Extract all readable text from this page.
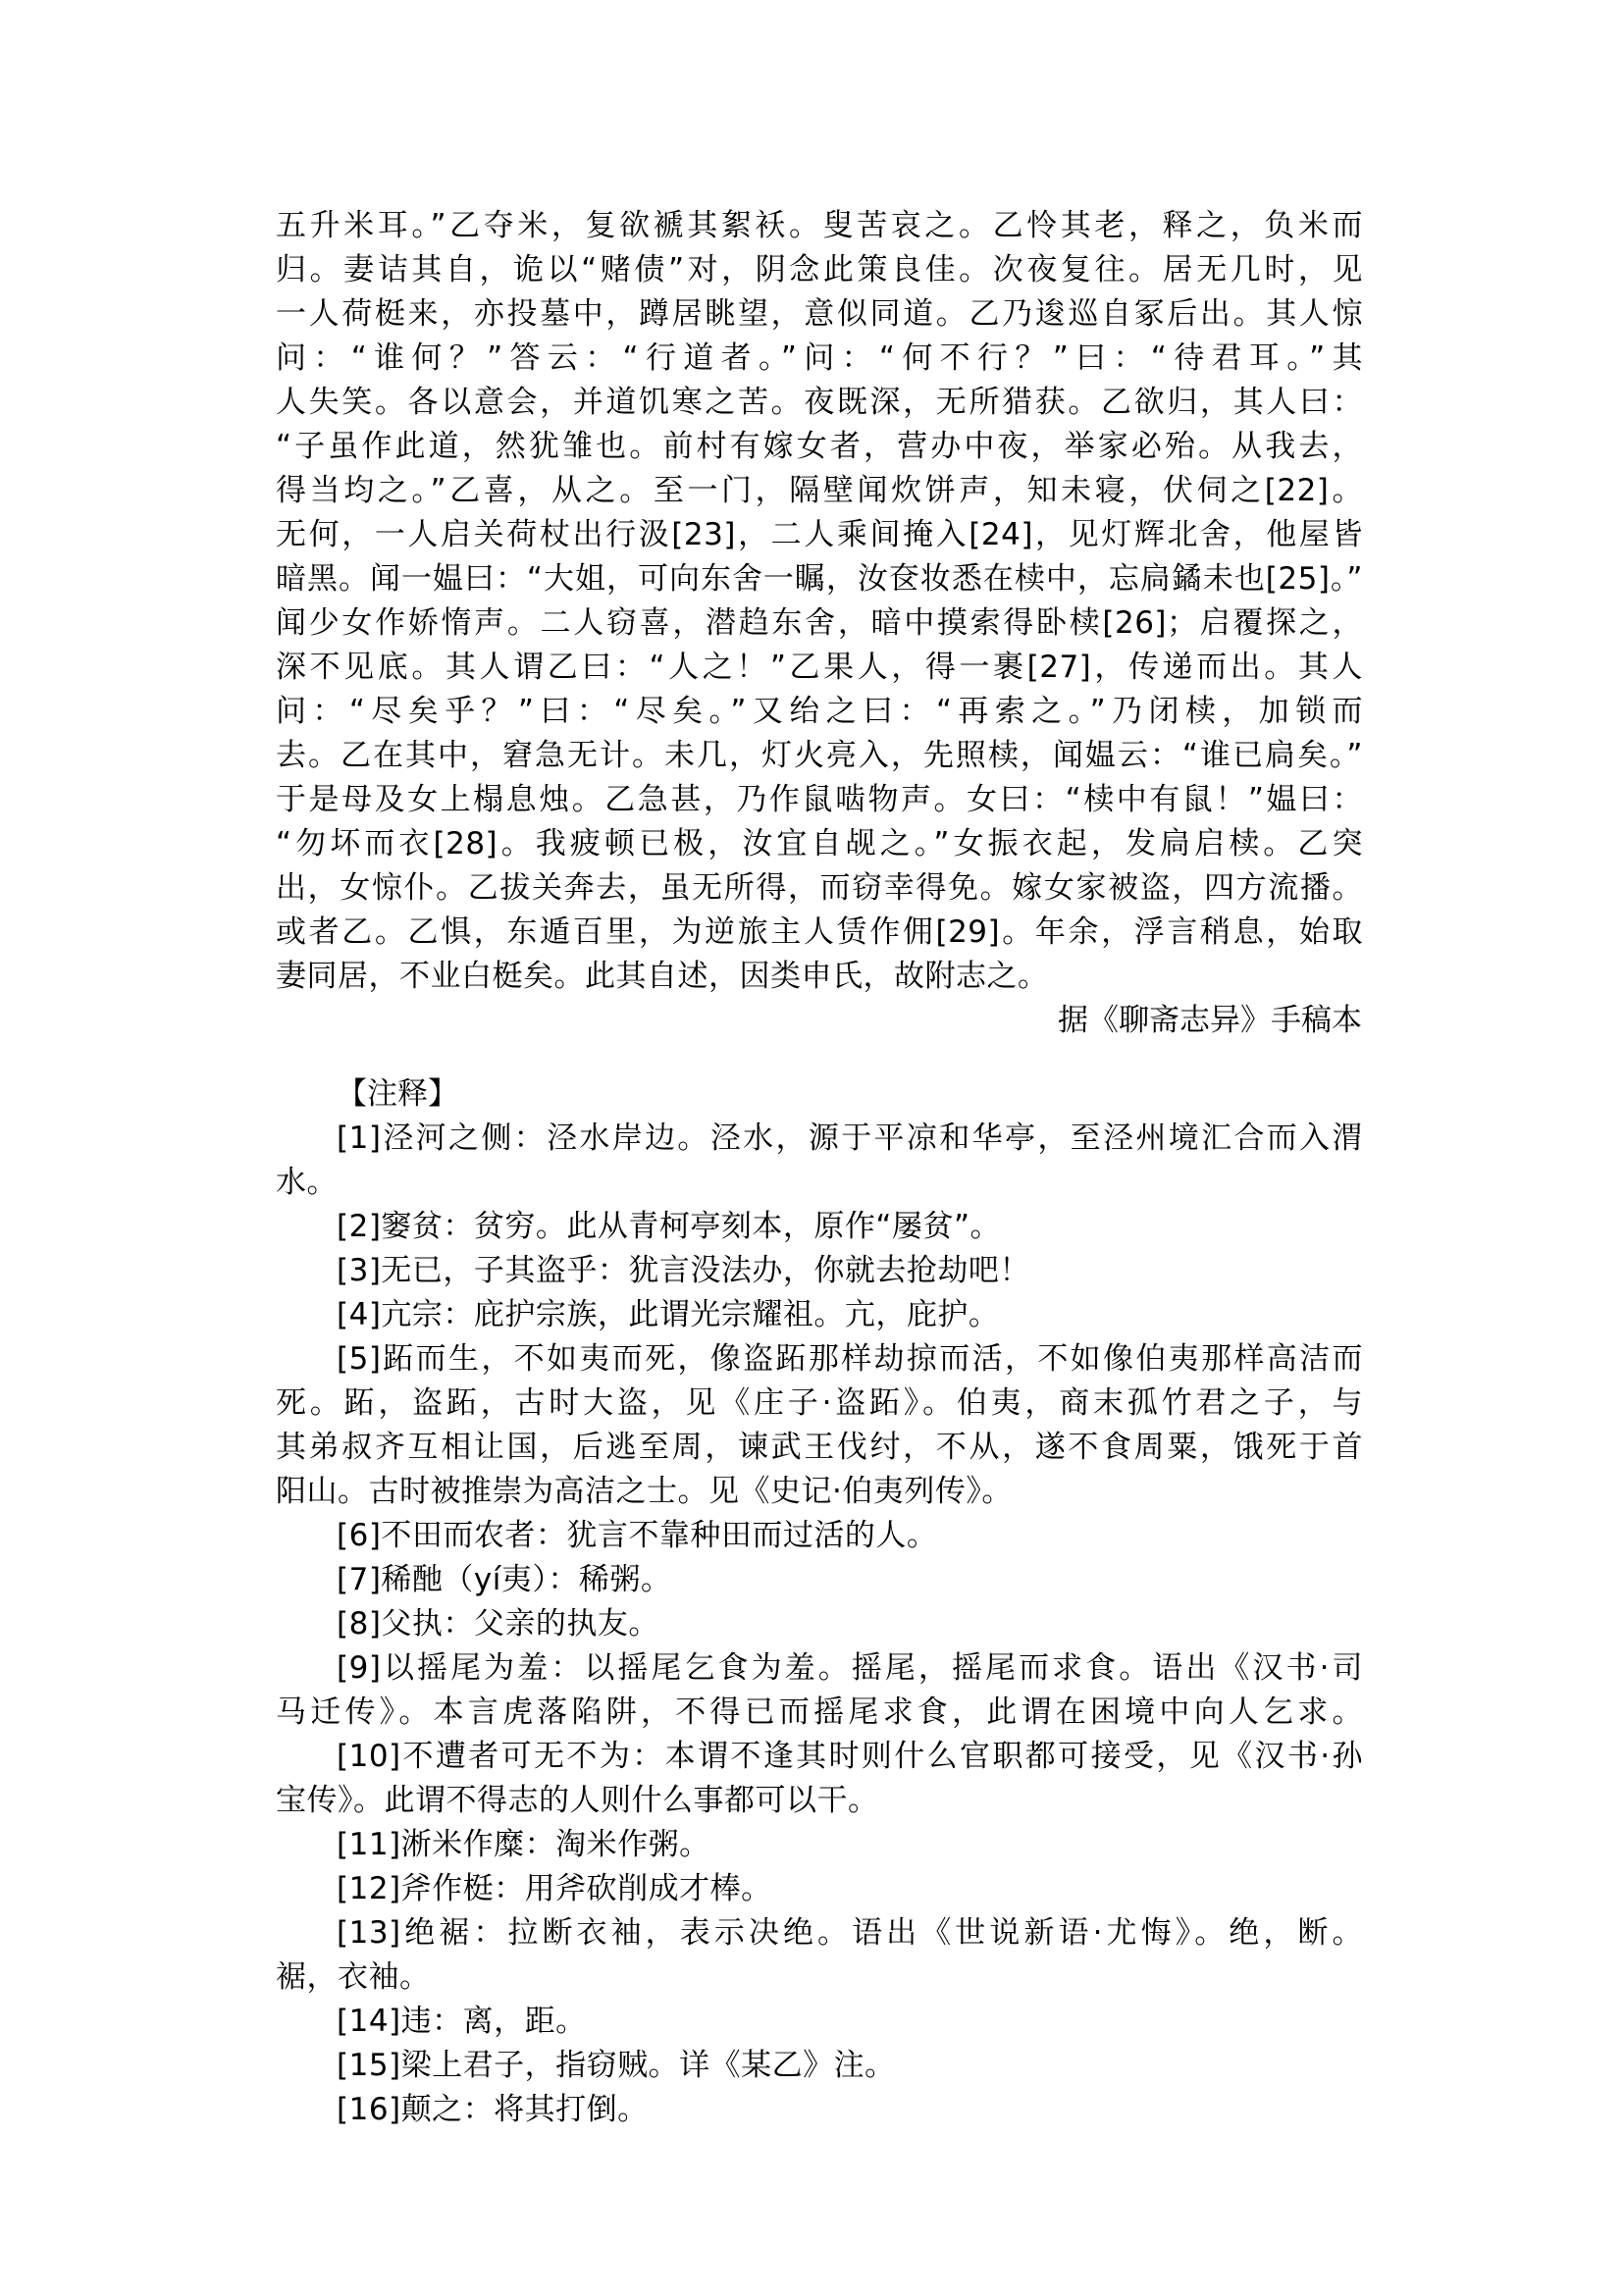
五升米耳。”乙夺米，复欲褫其絮袄。叟苦哀之。乙怜其老，释之，负米而
归。妻诘其自，诡以“赌债”对，阴念此策良佳。次夜复往。居无几时，见
一人荷梃来，亦投墓中，蹲居眺望，意似同道。乙乃逡巡自冢后出。其人惊
问：“谁何？”答云：“行道者。”问：“何不行？”曰：“待君耳。”其
人失笑。各以意会，并道饥寒之苦。夜既深，无所猎获。乙欲归，其人曰：
“子虽作此道，然犹雏也。前村有嫁女者，营办中夜，举家必殆。从我去，
得当均之。”乙喜，从之。至一门，隔壁闻炊饼声，知未寝，伏伺之[22]。
无何，一人启关荷杖出行汲[23]，二人乘间掩入[24]，见灯辉北舍，他屋皆
暗黑。闻一媪曰：“大姐，可向东舍一瞩，汝奁妆悉在椟中，忘扃鐍未也[25]。”
闻少女作娇惰声。二人窃喜，潜趋东舍，暗中摸索得卧椟[26]；启覆探之，
深不见底。其人谓乙曰：“人之！”乙果人，得一裹[27]，传递而出。其人
问：“尽矣乎？”曰：“尽矣。”又绐之曰：“再索之。”乃闭椟，加锁而
去。乙在其中，窘急无计。未几，灯火亮入，先照椟，闻媪云：“谁已扃矣。”
于是母及女上榻息烛。乙急甚，乃作鼠啮物声。女曰：“椟中有鼠！”媪曰：
“勿坏而衣[28]。我疲顿已极，汝宜自觇之。”女振衣起，发扃启椟。乙突
出，女惊仆。乙拔关奔去，虽无所得，而窃幸得免。嫁女家被盗，四方流播。
或者乙。乙惧，东遁百里，为逆旅主人赁作佣[29]。年余，浮言稍息，始取
妻同居，不业白梃矣。此其自述，因类申氏，故附志之。
据《聊斋志异》手稿本
【注释】
[1]泾河之侧：泾水岸边。泾水，源于平凉和华亭，至泾州境汇合而入渭
水。
[2]窭贫：贫穷。此从青柯亭刻本，原作“屡贫”。
[3]无已，子其盗乎：犹言没法办，你就去抢劫吧！
[4]亢宗：庇护宗族，此谓光宗耀祖。亢，庇护。
[5]跖而生，不如夷而死，像盗跖那样劫掠而活，不如像伯夷那样高洁而
死。跖，盗跖，古时大盗，见《庄子·盗跖》。伯夷，商末孤竹君之子，与
其弟叔齐互相让国，后逃至周，谏武王伐纣，不从，遂不食周粟，饿死于首
阳山。古时被推崇为高洁之士。见《史记·伯夷列传》。
[6]不田而农者：犹言不靠种田而过活的人。
[7]稀酏（yí夷）：稀粥。
[8]父执：父亲的执友。
[9]以摇尾为羞：以摇尾乞食为羞。摇尾，摇尾而求食。语出《汉书·司
马迁传》。本言虎落陷阱，不得已而摇尾求食，此谓在困境中向人乞求。
[10]不遭者可无不为：本谓不逢其时则什么官职都可接受，见《汉书·孙
宝传》。此谓不得志的人则什么事都可以干。
[11]淅米作糜：淘米作粥。
[12]斧作梃：用斧砍削成才棒。
[13]绝裾：拉断衣袖，表示决绝。语出《世说新语·尤悔》。绝，断。
裾，衣袖。
[14]违：离，距。
[15]梁上君子，指窃贼。详《某乙》注。
[16]颠之：将其打倒。
